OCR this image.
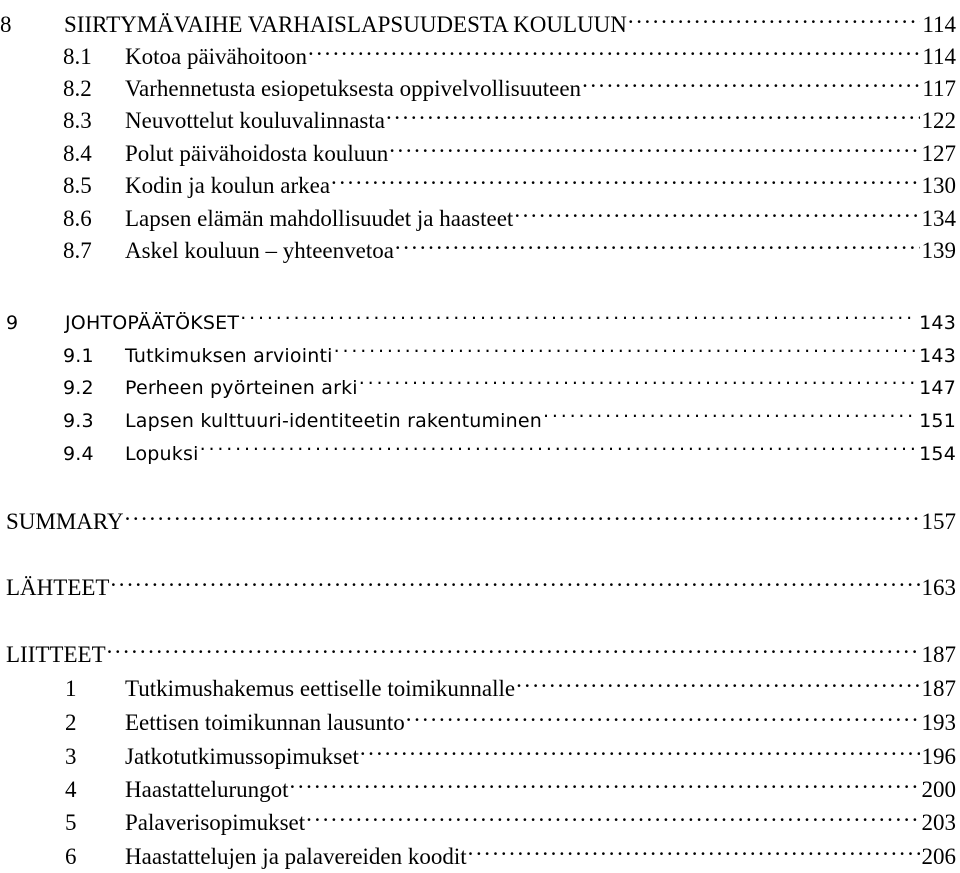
8	SIIRTYMÄVAIHE VARHAISLAPSUUDESTA KOULUUN . . .	114
8.1	Kotoa päivähoitoon . . .	114
8.2	Varhennetusta esiopetuksesta oppivelvollisuuteen . . .	117
8.3	Neuvottelut kouluvalinnasta . . .	122
8.4	Polut päivähoidosta kouluun . . .	127
8.5	Kodin ja koulun arkea . . .	130
8.6	Lapsen elämän mahdollisuudet ja haasteet . . .	134
8.7	Askel kouluun – yhteenvetoa . . .	139
9	JOHTOPÄÄTÖKSET . . .	143
9.1	Tutkimuksen arviointi . . .	143
9.2	Perheen pyörteinen arki . . .	147
9.3	Lapsen kulttuuri-identiteetin rakentuminen . . .	151
9.4	Lopuksi . . .	154
SUMMARY . . .	157
LÄHTEET . . .	163
LIITTEET . . .	187
1	Tutkimushakemus eettiselle toimikunnalle . . .	187
2	Eettisen toimikunnan lausunto . . .	193
3	Jatkotutkimussopimukset . . .	196
4	Haastattelurungot . . .	200
5	Palaverisopimukset . . .	203
6	Haastattelujen ja palavereiden koodit . . .	206
